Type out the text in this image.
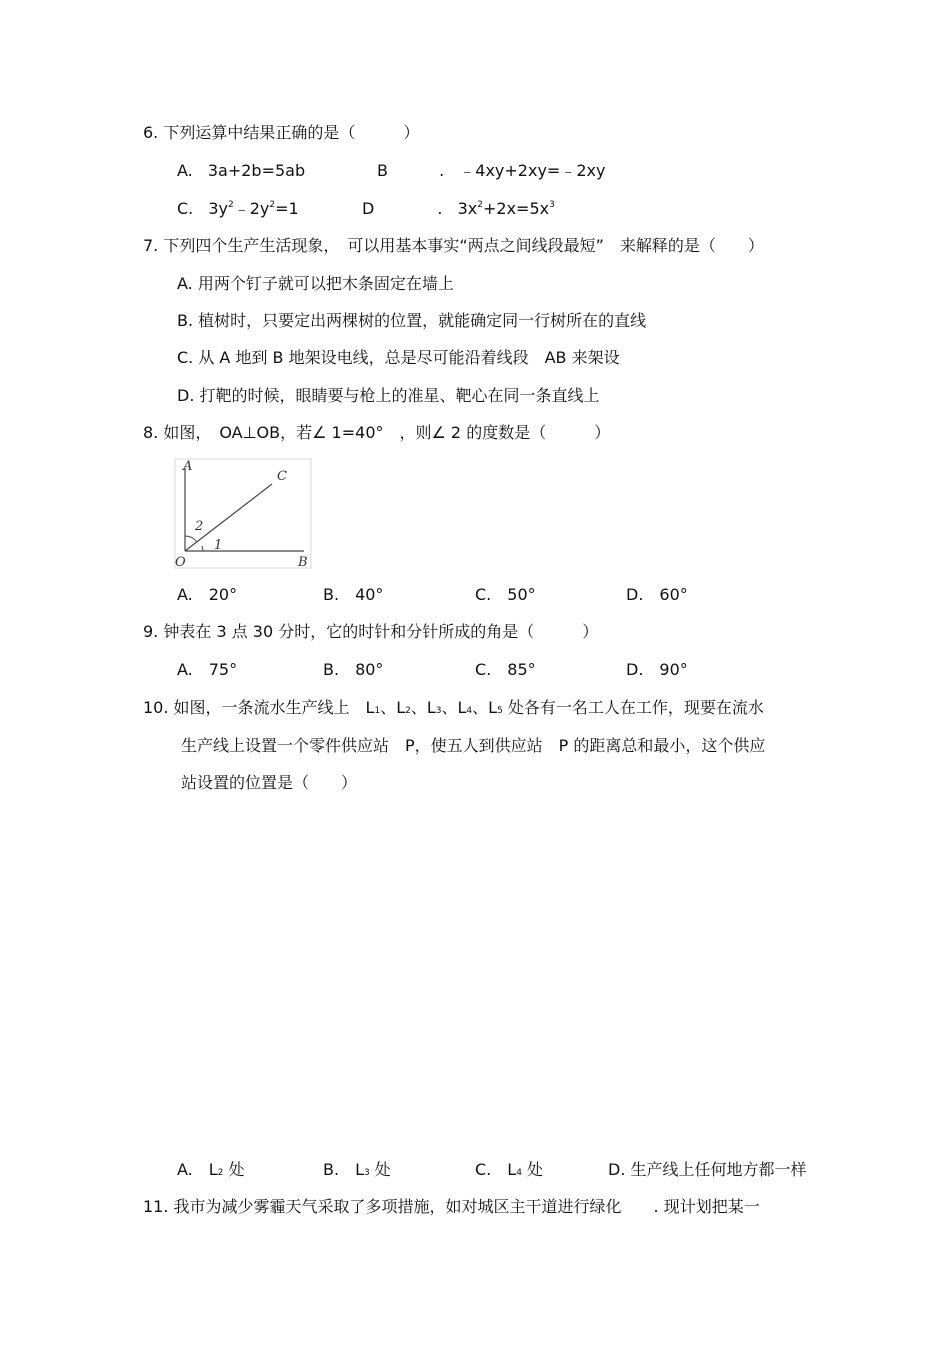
6. 下列运算中结果正确的是（　　　）
A. 3a+2b=5ab	B	. ﹣4xy+2xy=﹣2xy
C. $3y^2﹣2y^2=1$	D	. $3x^2+2x=5x^3$
7. 下列四个生产生活现象，　可以用基本事实“两点之间线段最短”　来解释的是（　　）
A. 用两个钉子就可以把木条固定在墙上
B. 植树时，只要定出两棵树的位置，就能确定同一行树所在的直线
C. 从 A 地到 B 地架设电线，总是尽可能沿着线段　AB 来架设
D. 打靶的时候，眼睛要与枪上的准星、靶心在同一条直线上
8. 如图，　OA⊥OB，若∠ 1=40°　，则∠ 2 的度数是（　　　）
A
C
O	B
2
1
A.　20°	B.　40°	C.　50°	D.　60°
9. 钟表在 3 点 30 分时，它的时针和分针所成的角是（　　　）
A.　75°	B.　80°	C.　85°	D.　90°
10. 如图，一条流水生产线上　$L_1$、$L_2$、$L_3$、$L_4$、$L_5$ 处各有一名工人在工作，现要在流水
生产线上设置一个零件供应站　P，使五人到供应站　P 的距离总和最小，这个供应
站设置的位置是（　　）
A.　$L_2$ 处	B.　$L_3$ 处	C.　$L_4$ 处	D. 生产线上任何地方都一样
11. 我市为减少雾霾天气采取了多项措施，如对城区主干道进行绿化　　. 现计划把某一
